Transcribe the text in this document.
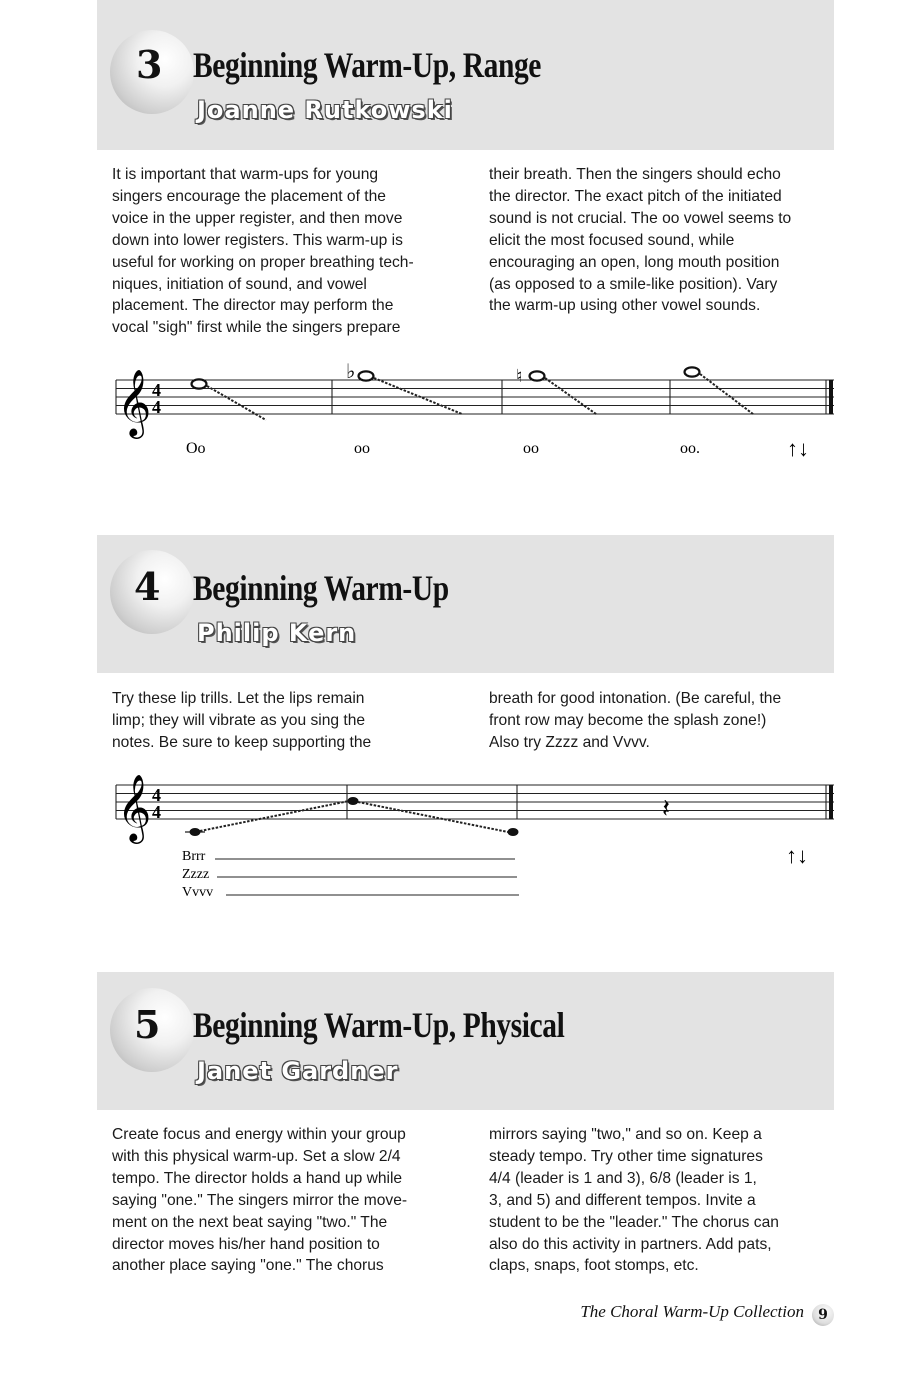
3 Beginning Warm-Up, Range
Joanne Rutkowski
It is important that warm-ups for young
singers encourage the placement of the
voice in the upper register, and then move
down into lower registers. This warm-up is
useful for working on proper breathing tech-
niques, initiation of sound, and vowel
placement. The director may perform the
vocal "sigh" first while the singers prepare
their breath. Then the singers should echo
the director. The exact pitch of the initiated
sound is not crucial. The oo vowel seems to
elicit the most focused sound, while
encouraging an open, long mouth position
(as opposed to a smile-like position). Vary
the warm-up using other vowel sounds.
𝄞 4
4
♭	♮
Oo	oo	oo	oo.	↑↓
4 Beginning Warm-Up
Philip Kern
Try these lip trills. Let the lips remain
limp; they will vibrate as you sing the
notes. Be sure to keep supporting the
breath for good intonation. (Be careful, the
front row may become the splash zone!)
Also try Zzzz and Vvvv.
𝄞 4
4	𝄽
Brrr
Zzzz
Vvvv
↑↓
5 Beginning Warm-Up, Physical
Janet Gardner
Create focus and energy within your group
with this physical warm-up. Set a slow 2/4
tempo. The director holds a hand up while
saying "one." The singers mirror the move-
ment on the next beat saying "two." The
director moves his/her hand position to
another place saying "one." The chorus
mirrors saying "two," and so on. Keep a
steady tempo. Try other time signatures
4/4 (leader is 1 and 3), 6/8 (leader is 1,
3, and 5) and different tempos. Invite a
student to be the "leader." The chorus can
also do this activity in partners. Add pats,
claps, snaps, foot stomps, etc.
The Choral Warm-Up Collection	9
